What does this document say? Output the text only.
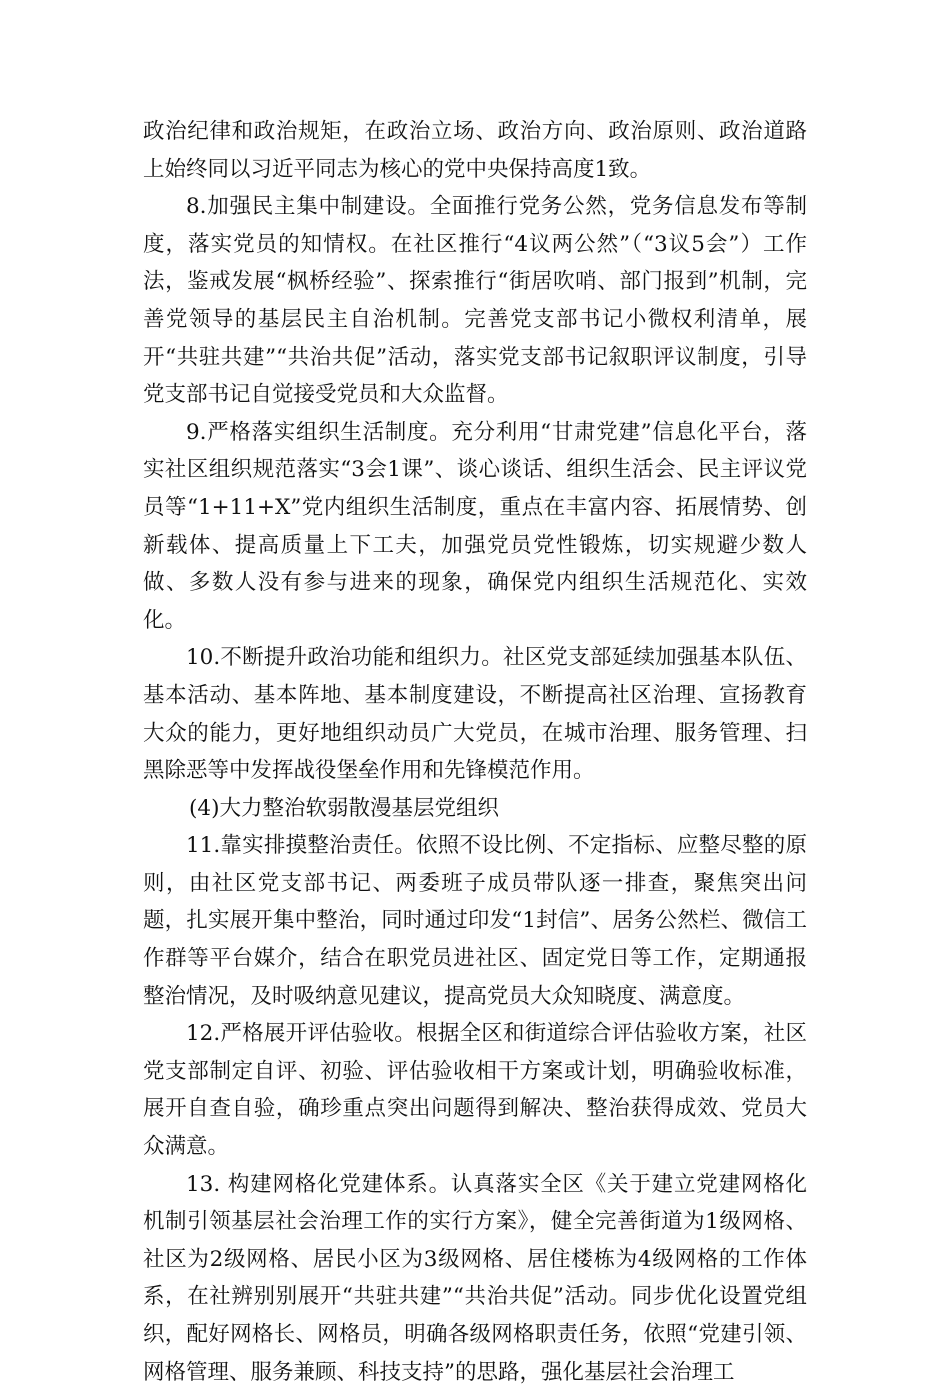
政治纪律和政治规矩，在政治立场、政治方向、政治原则、政治道路上始终同以习近平同志为核心的党中央保持高度1致。

8.加强民主集中制建设。全面推行党务公然，党务信息发布等制度，落实党员的知情权。在社区推行“4议两公然”（“3议5会”）工作法，鉴戒发展“枫桥经验”、探索推行“街居吹哨、部门报到”机制，完善党领导的基层民主自治机制。完善党支部书记小微权利清单，展开“共驻共建”“共治共促”活动，落实党支部书记叙职评议制度，引导党支部书记自觉接受党员和大众监督。

9.严格落实组织生活制度。充分利用“甘肃党建”信息化平台，落实社区组织规范落实“3会1课”、谈心谈话、组织生活会、民主评议党员等“1+11+X”党内组织生活制度，重点在丰富内容、拓展情势、创新载体、提高质量上下工夫，加强党员党性锻炼，切实规避少数人做、多数人没有参与进来的现象，确保党内组织生活规范化、实效化。

10.不断提升政治功能和组织力。社区党支部延续加强基本队伍、基本活动、基本阵地、基本制度建设，不断提高社区治理、宣扬教育大众的能力，更好地组织动员广大党员，在城市治理、服务管理、扫黑除恶等中发挥战役堡垒作用和先锋模范作用。

(4)大力整治软弱散漫基层党组织

11.靠实排摸整治责任。依照不设比例、不定指标、应整尽整的原则，由社区党支部书记、两委班子成员带队逐一排查，聚焦突出问题，扎实展开集中整治，同时通过印发“1封信”、居务公然栏、微信工作群等平台媒介，结合在职党员进社区、固定党日等工作，定期通报整治情况，及时吸纳意见建议，提高党员大众知晓度、满意度。

12.严格展开评估验收。根据全区和街道综合评估验收方案，社区党支部制定自评、初验、评估验收相干方案或计划，明确验收标准，展开自查自验，确珍重点突出问题得到解决、整治获得成效、党员大众满意。

13. 构建网格化党建体系。认真落实全区《关于建立党建网格化机制引领基层社会治理工作的实行方案》，健全完善街道为1级网格、社区为2级网格、居民小区为3级网格、居住楼栋为4级网格的工作体系，在社辨别别展开“共驻共建”“共治共促”活动。同步优化设置党组织，配好网格长、网格员，明确各级网格职责任务，依照“党建引领、网格管理、服务兼顾、科技支持”的思路，强化基层社会治理工
